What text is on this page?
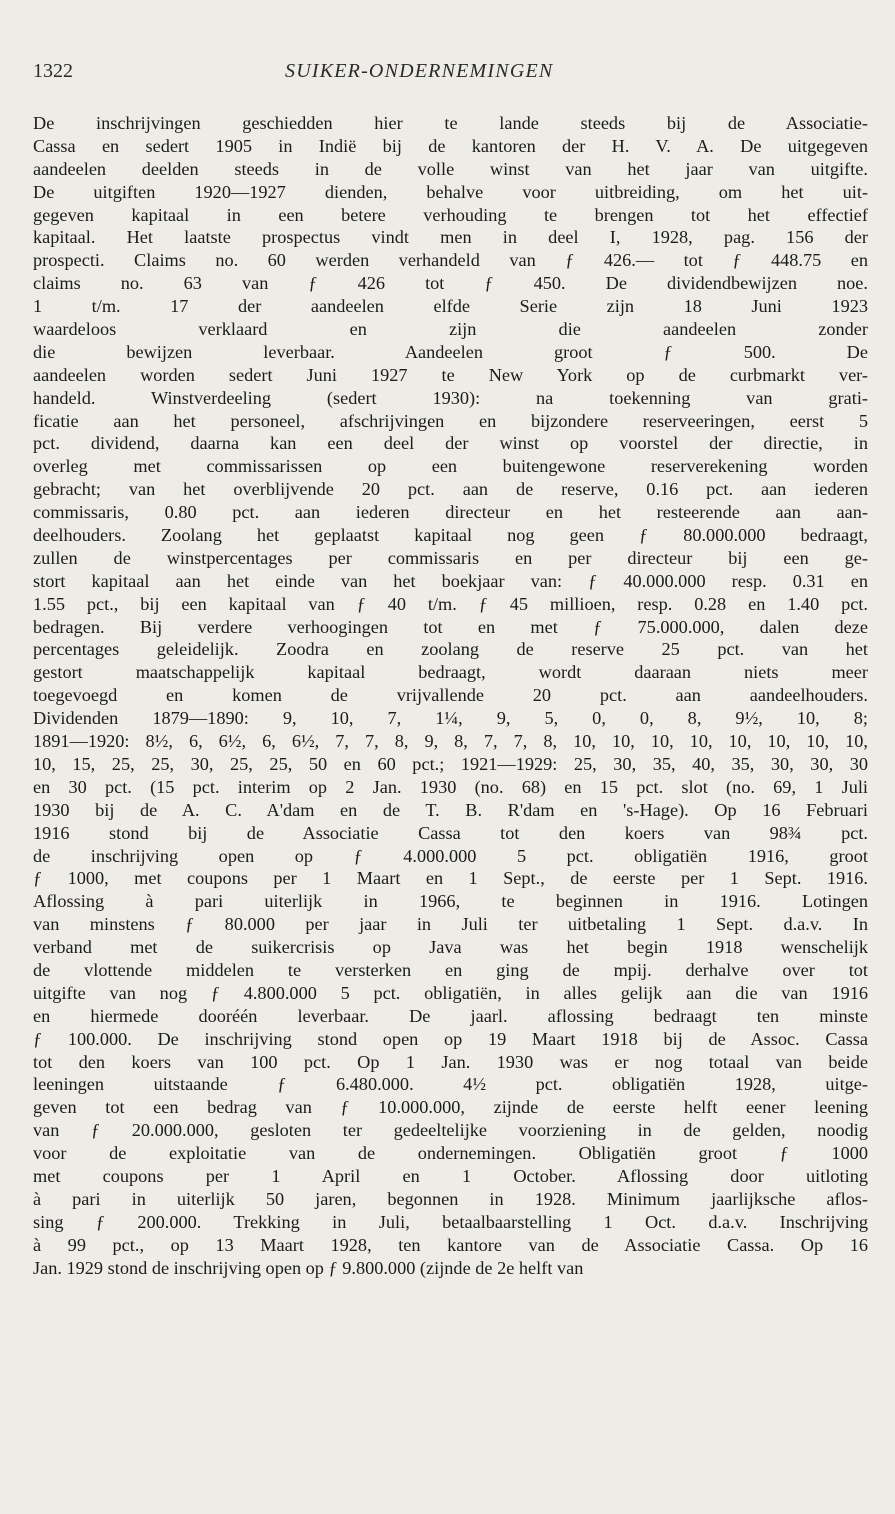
1322	SUIKER-ONDERNEMINGEN
De inschrijvingen geschiedden hier te lande steeds bij de Associatie-
Cassa en sedert 1905 in Indië bij de kantoren der H. V. A. De uitgegeven
aandeelen deelden steeds in de volle winst van het jaar van uitgifte.
De uitgiften 1920—1927 dienden, behalve voor uitbreiding, om het uit-
gegeven kapitaal in een betere verhouding te brengen tot het effectief
kapitaal. Het laatste prospectus vindt men in deel I, 1928, pag. 156 der
prospecti. Claims no. 60 werden verhandeld van ƒ 426.— tot ƒ 448.75 en
claims no. 63 van ƒ 426 tot ƒ 450. De dividendbewijzen noe.
1 t/m. 17 der aandeelen elfde Serie zijn 18 Juni 1923
waardeloos verklaard en zijn die aandeelen zonder
die bewijzen leverbaar. Aandeelen groot ƒ 500. De
aandeelen worden sedert Juni 1927 te New York op de curbmarkt ver-
handeld. Winstverdeeling (sedert 1930): na toekenning van grati-
ficatie aan het personeel, afschrijvingen en bijzondere reserveeringen, eerst 5
pct. dividend, daarna kan een deel der winst op voorstel der directie, in
overleg met commissarissen op een buitengewone reserverekening worden
gebracht; van het overblijvende 20 pct. aan de reserve, 0.16 pct. aan iederen
commissaris, 0.80 pct. aan iederen directeur en het resteerende aan aan-
deelhouders. Zoolang het geplaatst kapitaal nog geen ƒ 80.000.000 bedraagt,
zullen de winstpercentages per commissaris en per directeur bij een ge-
stort kapitaal aan het einde van het boekjaar van: ƒ 40.000.000 resp. 0.31 en
1.55 pct., bij een kapitaal van ƒ 40 t/m. ƒ 45 millioen, resp. 0.28 en 1.40 pct.
bedragen. Bij verdere verhoogingen tot en met ƒ 75.000.000, dalen deze
percentages geleidelijk. Zoodra en zoolang de reserve 25 pct. van het
gestort maatschappelijk kapitaal bedraagt, wordt daaraan niets meer
toegevoegd en komen de vrijvallende 20 pct. aan aandeelhouders.
Dividenden 1879—1890: 9, 10, 7, 1¼, 9, 5, 0, 0, 8, 9½, 10, 8;
1891—1920: 8½, 6, 6½, 6, 6½, 7, 7, 8, 9, 8, 7, 7, 8, 10, 10, 10, 10, 10, 10, 10, 10,
10, 15, 25, 25, 30, 25, 25, 50 en 60 pct.; 1921—1929: 25, 30, 35, 40, 35, 30, 30, 30
en 30 pct. (15 pct. interim op 2 Jan. 1930 (no. 68) en 15 pct. slot (no. 69, 1 Juli
1930 bij de A. C. A'dam en de T. B. R'dam en 's-Hage). Op 16 Februari
1916 stond bij de Associatie Cassa tot den koers van 98¾ pct.
de inschrijving open op ƒ 4.000.000 5 pct. obligatiën 1916, groot
ƒ 1000, met coupons per 1 Maart en 1 Sept., de eerste per 1 Sept. 1916.
Aflossing à pari uiterlijk in 1966, te beginnen in 1916. Lotingen
van minstens ƒ 80.000 per jaar in Juli ter uitbetaling 1 Sept. d.a.v. In
verband met de suikercrisis op Java was het begin 1918 wenschelijk
de vlottende middelen te versterken en ging de mpij. derhalve over tot
uitgifte van nog ƒ 4.800.000 5 pct. obligatiën, in alles gelijk aan die van 1916
en hiermede dooréén leverbaar. De jaarl. aflossing bedraagt ten minste
ƒ 100.000. De inschrijving stond open op 19 Maart 1918 bij de Assoc. Cassa
tot den koers van 100 pct. Op 1 Jan. 1930 was er nog totaal van beide
leeningen uitstaande ƒ 6.480.000. 4½ pct. obligatiën 1928, uitge-
geven tot een bedrag van ƒ 10.000.000, zijnde de eerste helft eener leening
van ƒ 20.000.000, gesloten ter gedeeltelijke voorziening in de gelden, noodig
voor de exploitatie van de ondernemingen. Obligatiën groot ƒ 1000
met coupons per 1 April en 1 October. Aflossing door uitloting
à pari in uiterlijk 50 jaren, begonnen in 1928. Minimum jaarlijksche aflos-
sing ƒ 200.000. Trekking in Juli, betaalbaarstelling 1 Oct. d.a.v. Inschrijving
à 99 pct., op 13 Maart 1928, ten kantore van de Associatie Cassa. Op 16
Jan. 1929 stond de inschrijving open op ƒ 9.800.000 (zijnde de 2e helft van
